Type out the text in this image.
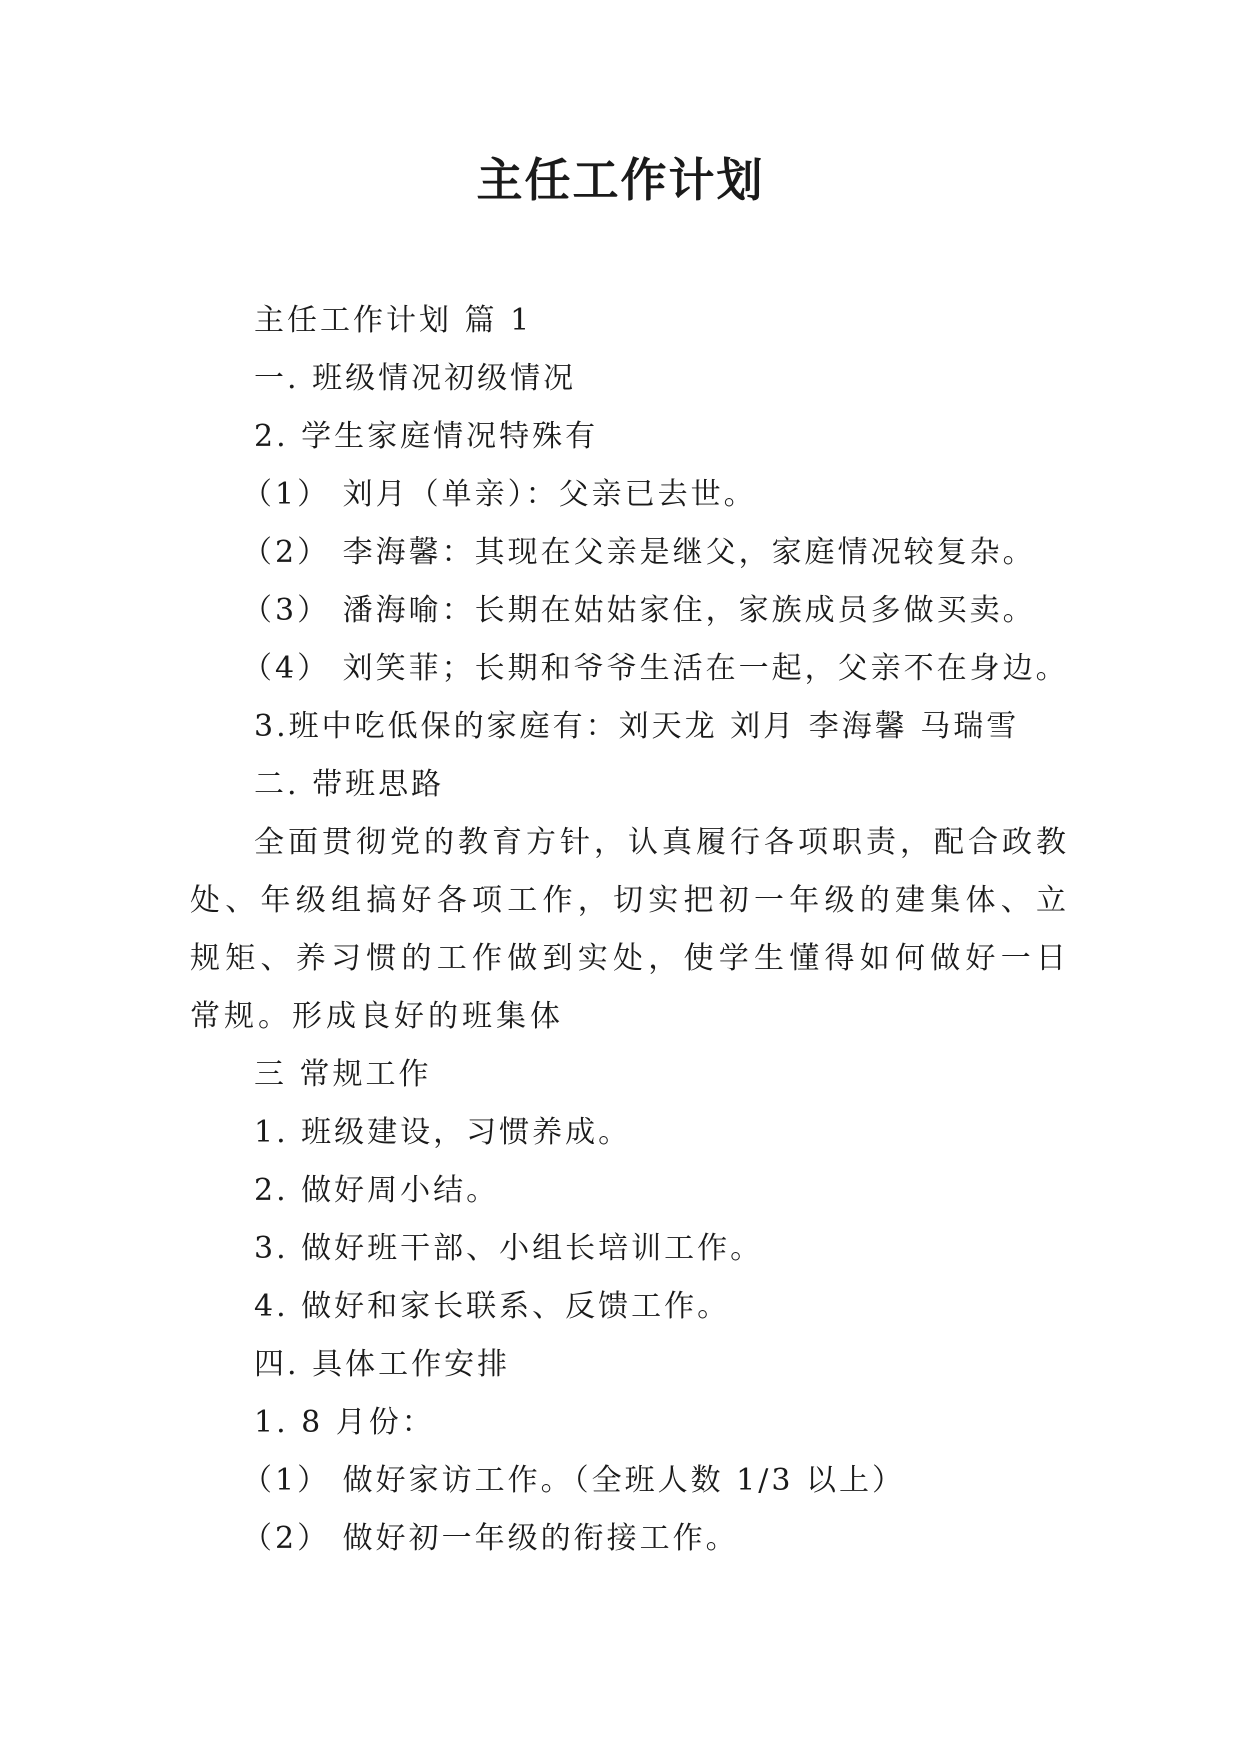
主任工作计划
主任工作计划 篇 1
一. 班级情况初级情况
2. 学生家庭情况特殊有
（1） 刘月（单亲）：父亲已去世。
（2） 李海馨：其现在父亲是继父，家庭情况较复杂。
（3） 潘海喻：长期在姑姑家住，家族成员多做买卖。
（4） 刘笑菲；长期和爷爷生活在一起，父亲不在身边。
3.班中吃低保的家庭有：刘天龙 刘月 李海馨 马瑞雪
二. 带班思路
全面贯彻党的教育方针，认真履行各项职责，配合政教处、年级组搞好各项工作，切实把初一年级的建集体、立规矩、养习惯的工作做到实处，使学生懂得如何做好一日常规。形成良好的班集体
三 常规工作
1. 班级建设，习惯养成。
2. 做好周小结。
3. 做好班干部、小组长培训工作。
4. 做好和家长联系、反馈工作。
四. 具体工作安排
1. 8 月份：
（1） 做好家访工作。（全班人数 1/3 以上）
（2） 做好初一年级的衔接工作。
